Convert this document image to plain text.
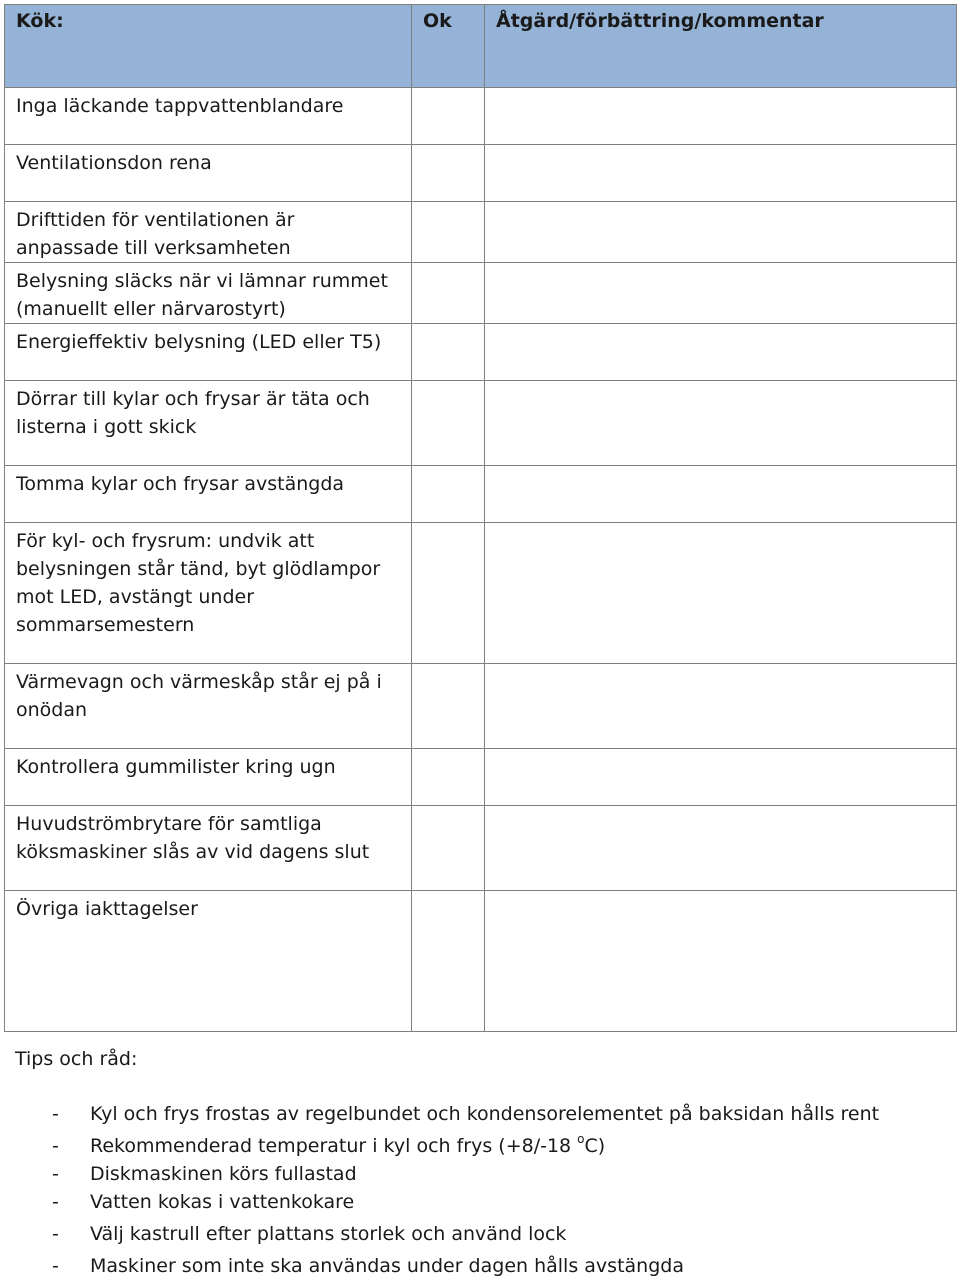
Kök:	Ok	Åtgärd/förbättring/kommentar

Inga läckande tappvattenblandare		

Ventilationsdon rena		

Drifttiden för ventilationen är anpassade till verksamheten		

Belysning släcks när vi lämnar rummet (manuellt eller närvarostyrt)		

Energieffektiv belysning (LED eller T5)		

Dörrar till kylar och frysar är täta och listerna i gott skick		

Tomma kylar och frysar avstängda		

För kyl- och frysrum: undvik att belysningen står tänd, byt glödlampor mot LED, avstängt under sommarsemestern		

Värmevagn och värmeskåp står ej på i onödan		

Kontrollera gummilister kring ugn		

Huvudströmbrytare för samtliga köksmaskiner slås av vid dagens slut		

Övriga iakttagelser		

Tips och råd:

-	Kyl och frys frostas av regelbundet och kondensorelementet på baksidan hålls rent
-	Rekommenderad temperatur i kyl och frys (+8/-18 $^o$C)
-	Diskmaskinen körs fullastad
-	Vatten kokas i vattenkokare
-	Välj kastrull efter plattans storlek och använd lock
-	Maskiner som inte ska användas under dagen hålls avstängda
